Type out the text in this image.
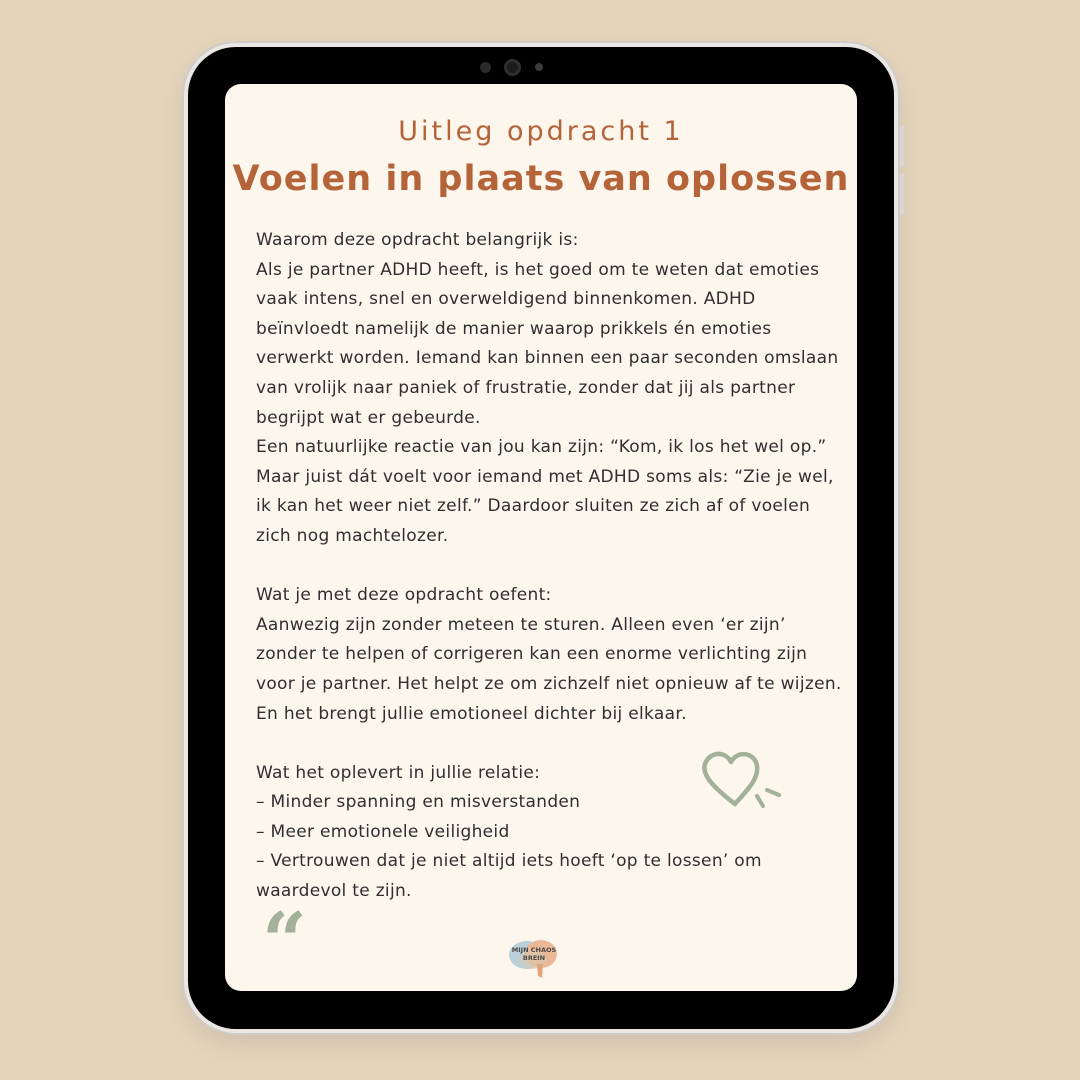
Uitleg opdracht 1
Voelen in plaats van oplossen

Waarom deze opdracht belangrijk is:

Als je partner ADHD heeft, is het goed om te weten dat emoties vaak intens, snel en overweldigend binnenkomen. ADHD beïnvloedt namelijk de manier waarop prikkels én emoties verwerkt worden. Iemand kan binnen een paar seconden omslaan van vrolijk naar paniek of frustratie, zonder dat jij als partner begrijpt wat er gebeurde.

Een natuurlijke reactie van jou kan zijn: “Kom, ik los het wel op.” Maar juist dát voelt voor iemand met ADHD soms als: “Zie je wel, ik kan het weer niet zelf.” Daardoor sluiten ze zich af of voelen zich nog machtelozer.

Wat je met deze opdracht oefent:

Aanwezig zijn zonder meteen te sturen. Alleen even ‘er zijn’ zonder te helpen of corrigeren kan een enorme verlichting zijn voor je partner. Het helpt ze om zichzelf niet opnieuw af te wijzen. En het brengt jullie emotioneel dichter bij elkaar.

Wat het oplevert in jullie relatie:

– Minder spanning en misverstanden
– Meer emotionele veiligheid
– Vertrouwen dat je niet altijd iets hoeft ‘op te lossen’ om waardevol te zijn.
“	MIJN CHAOS
BREIN
